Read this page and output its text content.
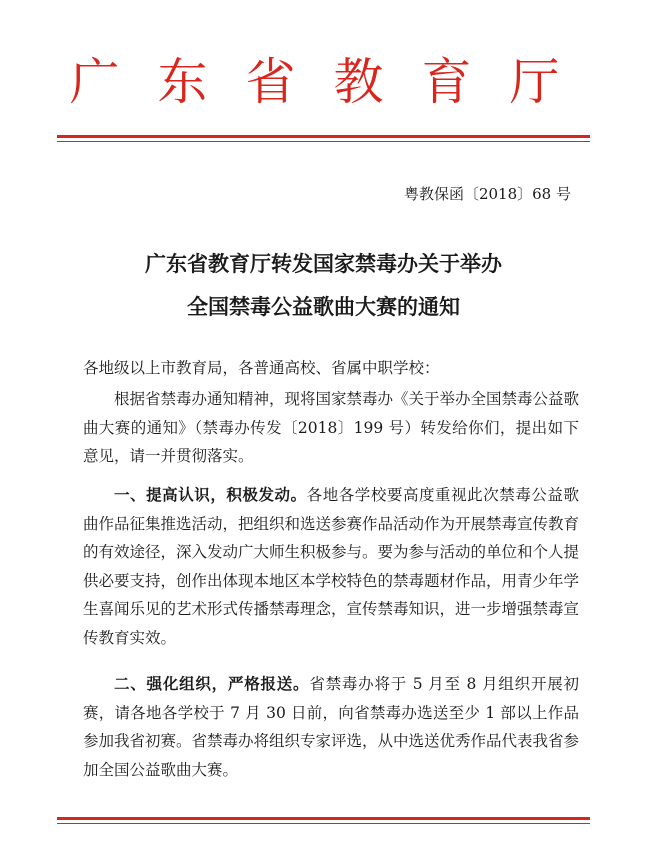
广东省教育厅
粤教保函〔2018〕68 号
广东省教育厅转发国家禁毒办关于举办
全国禁毒公益歌曲大赛的通知
各地级以上市教育局，各普通高校、省属中职学校：

根据省禁毒办通知精神，现将国家禁毒办《关于举办全国禁毒公益歌曲大赛的通知》（禁毒办传发〔2018〕199 号）转发给你们，提出如下意见，请一并贯彻落实。

一、提高认识，积极发动。各地各学校要高度重视此次禁毒公益歌曲作品征集推选活动，把组织和选送参赛作品活动作为开展禁毒宣传教育的有效途径，深入发动广大师生积极参与。要为参与活动的单位和个人提供必要支持，创作出体现本地区本学校特色的禁毒题材作品，用青少年学生喜闻乐见的艺术形式传播禁毒理念，宣传禁毒知识，进一步增强禁毒宣传教育实效。

二、强化组织，严格报送。省禁毒办将于 5 月至 8 月组织开展初赛，请各地各学校于 7 月 30 日前，向省禁毒办选送至少 1 部以上作品参加我省初赛。省禁毒办将组织专家评选，从中选送优秀作品代表我省参加全国公益歌曲大赛。
